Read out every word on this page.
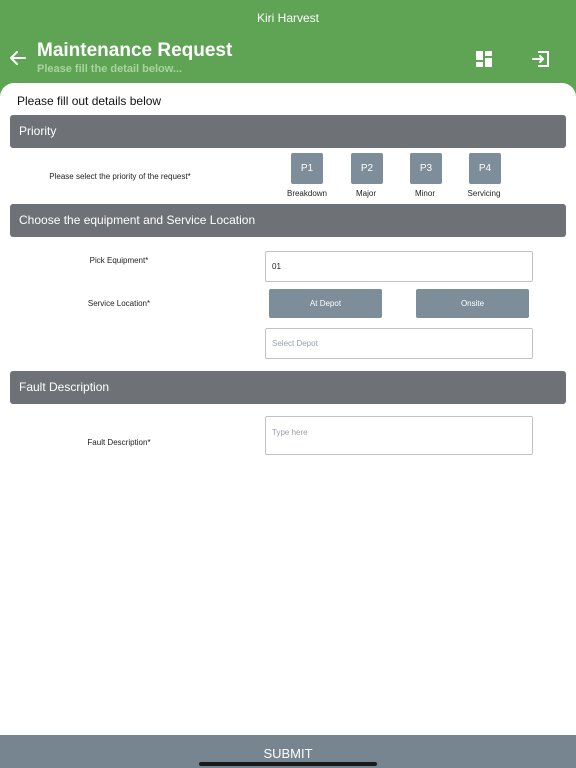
Kiri Harvest
Maintenance Request
Please fill the detail below...
Please fill out details below
Priority
Please select the priority of the request*
P1
Breakdown
P2
Major
P3
Minor
P4
Servicing
Choose the equipment and Service Location
Pick Equipment*
01
Service Location*	At Depot	Onsite
Select Depot
Fault Description
Fault Description*
Type here
SUBMIT
